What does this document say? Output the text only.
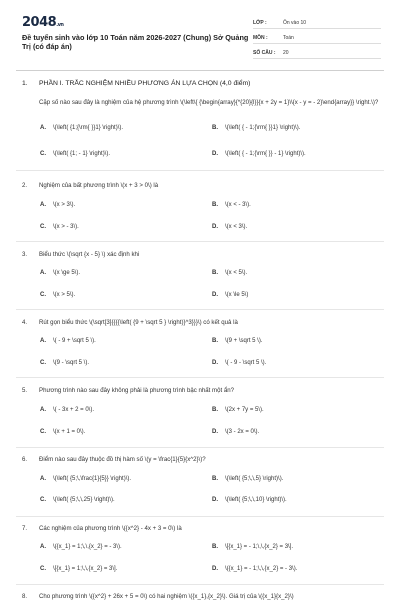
2048.vn
Đề tuyển sinh vào lớp 10 Toán năm 2026-2027 (Chung) Sở Quảng Trị (có đáp án)
LỚP :	Ôn vào 10
MÔN :	Toán
SỐ CÂU :	20
1. PHẦN I. TRẮC NGHIỆM NHIỀU PHƯƠNG ÁN LỰA CHỌN (4,0 điểm)
Cặp số nào sau đây là nghiệm của hệ phương trình \(\left\{ {\begin{array}{*{20}{l}}{x + 2y = 1}\\{x - y = - 2}\end{array}} \right.\)?
A. \(\left( {1;{\rm{ }}1} \right)\).	B. \(\left( { - 1;{\rm{ }}1} \right)\).
C. \(\left( {1; - 1} \right)\).	D. \(\left( { - 1;{\rm{ }} - 1} \right)\).
2. Nghiệm của bất phương trình \(x + 3 > 0\) là
A. \(x > 3\).	B. \(x < - 3\).
C. \(x > - 3\).	D. \(x < 3\).
3. Biểu thức \(\sqrt {x - 5} \) xác định khi
A. \(x \ge 5\).	B. \(x < 5\).
C. \(x > 5\).	D. \(x \le 5\)
4. Rút gọn biểu thức \(\sqrt[3]{{{{\left( {9 + \sqrt 5 } \right)}^3}}}\) có kết quả là
A. \( - 9 + \sqrt 5 \).	B. \(9 + \sqrt 5 \).
C. \(9 - \sqrt 5 \).	D. \( - 9 - \sqrt 5 \).
5. Phương trình nào sau đây không phải là phương trình bậc nhất một ẩn?
A. \( - 3x + 2 = 0\).	B. \(2x + 7y = 5\).
C. \(x + 1 = 0\).	D. \(3 - 2x = 0\).
6. Điểm nào sau đây thuộc đồ thị hàm số \(y = \frac{1}{5}{x^2}\)?
A. \(\left( {5;\,\frac{1}{5}} \right)\).	B. \(\left( {5;\,\,5} \right)\).
C. \(\left( {5;\,\,25} \right)\).	D. \(\left( {5;\,\,10} \right)\).
7. Các nghiệm của phương trình \({x^2} - 4x + 3 = 0\) là
A. \({x_1} = 1;\,\,{x_2} = - 3\).	B. \[{x_1} = - 1;\,\,{x_2} = 3\].
C. \[{x_1} = 1;\,\,{x_2} = 3\].	D. \({x_1} = - 1;\,\,{x_2} = - 3\).
8. Cho phương trình \({x^2} + 26x + 5 = 0\) có hai nghiệm \({x_1},{x_2}\). Giá trị của \({x_1}{x_2}\)
